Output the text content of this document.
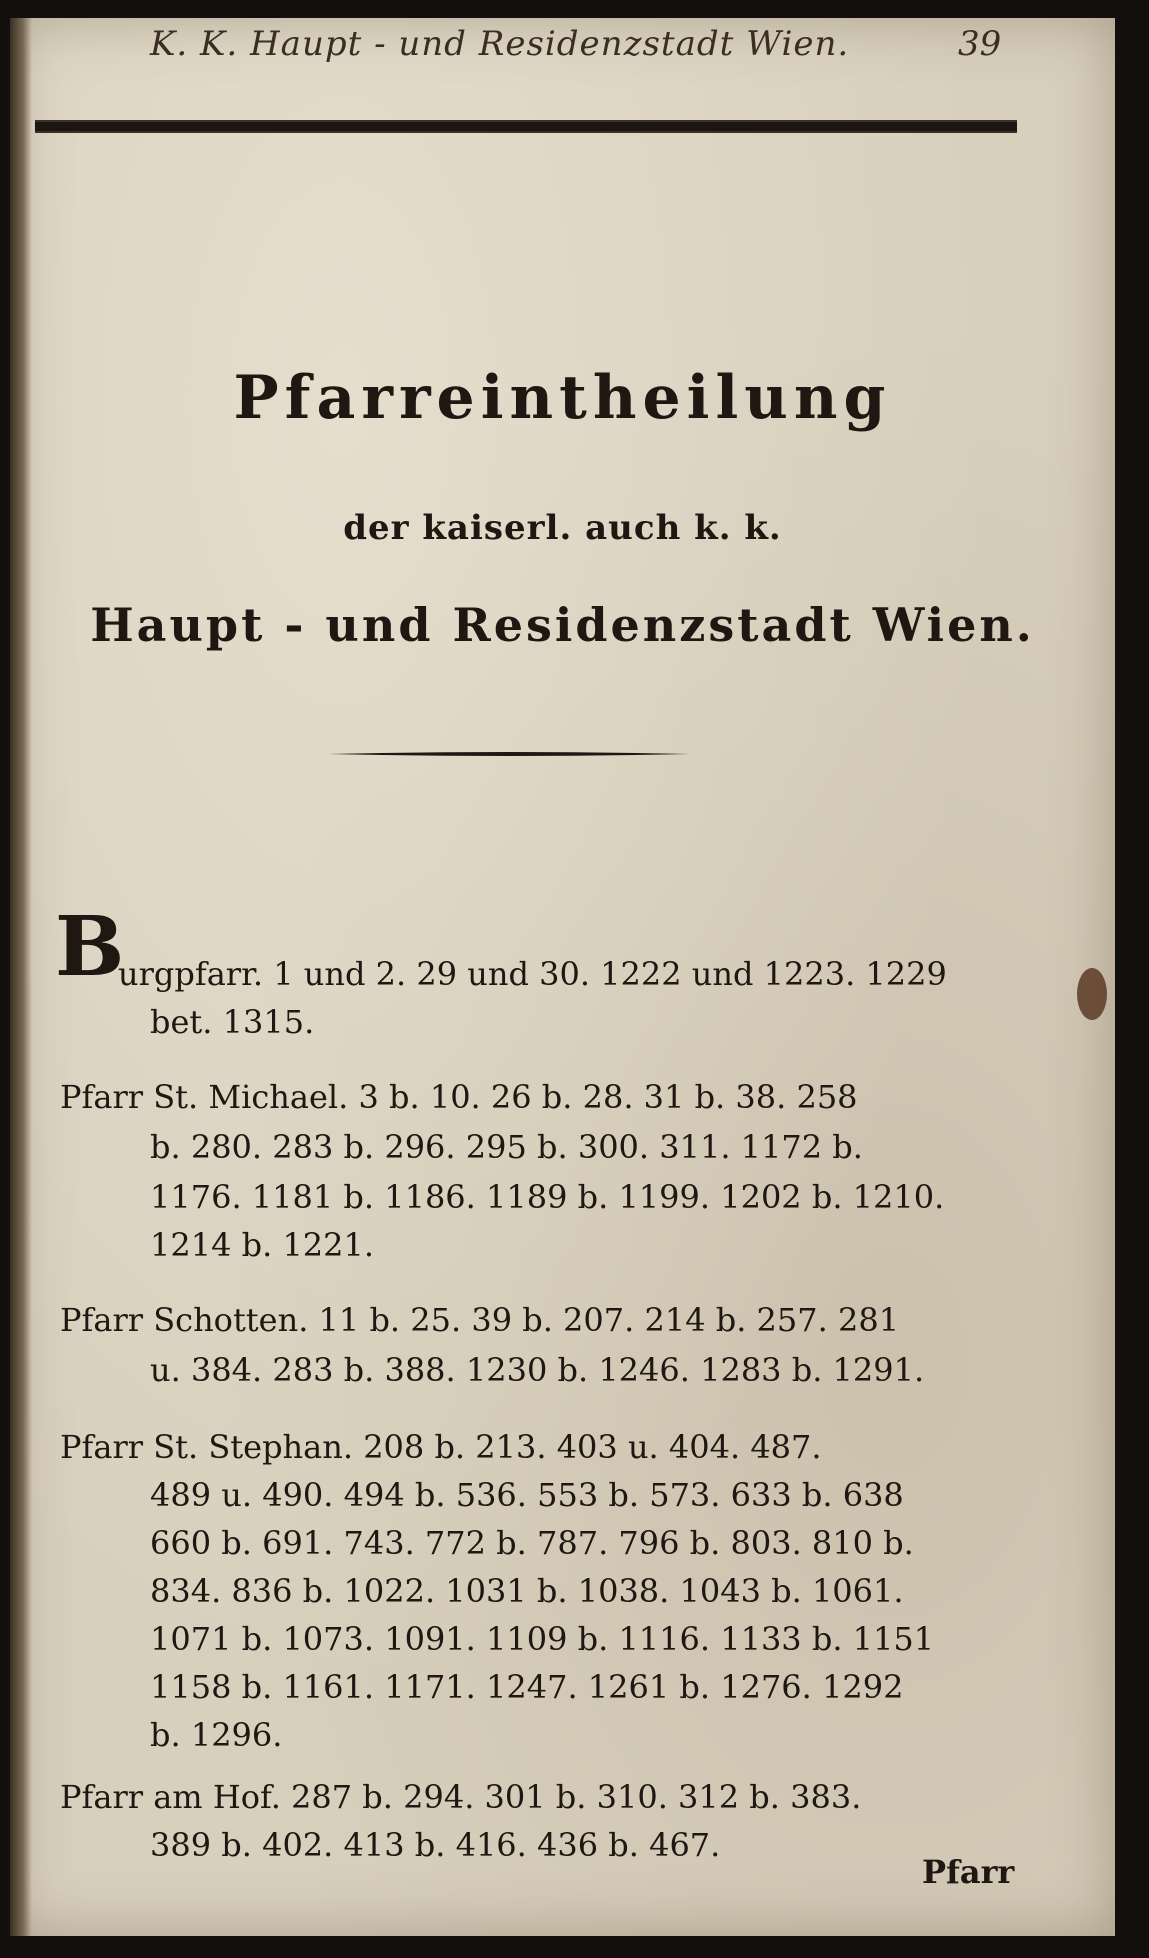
K. K. Haupt - und Residenzstadt Wien.	39
Pfarreintheilung
der kaiserl. auch k. k.
Haupt - und Residenzstadt Wien.
B
urgpfarr. 1 und 2. 29 und 30. 1222 und 1223. 1229
bet. 1315.
Pfarr St. Michael. 3 b. 10. 26 b. 28. 31 b. 38. 258
b. 280. 283 b. 296. 295 b. 300. 311. 1172 b.
1176. 1181 b. 1186. 1189 b. 1199. 1202 b. 1210.
1214 b. 1221.
Pfarr Schotten. 11 b. 25. 39 b. 207. 214 b. 257. 281
u. 384. 283 b. 388. 1230 b. 1246. 1283 b. 1291.
Pfarr St. Stephan. 208 b. 213. 403 u. 404. 487.
489 u. 490. 494 b. 536. 553 b. 573. 633 b. 638
660 b. 691. 743. 772 b. 787. 796 b. 803. 810 b.
834. 836 b. 1022. 1031 b. 1038. 1043 b. 1061.
1071 b. 1073. 1091. 1109 b. 1116. 1133 b. 1151
1158 b. 1161. 1171. 1247. 1261 b. 1276. 1292
b. 1296.
Pfarr am Hof. 287 b. 294. 301 b. 310. 312 b. 383.
389 b. 402. 413 b. 416. 436 b. 467.
Pfarr
